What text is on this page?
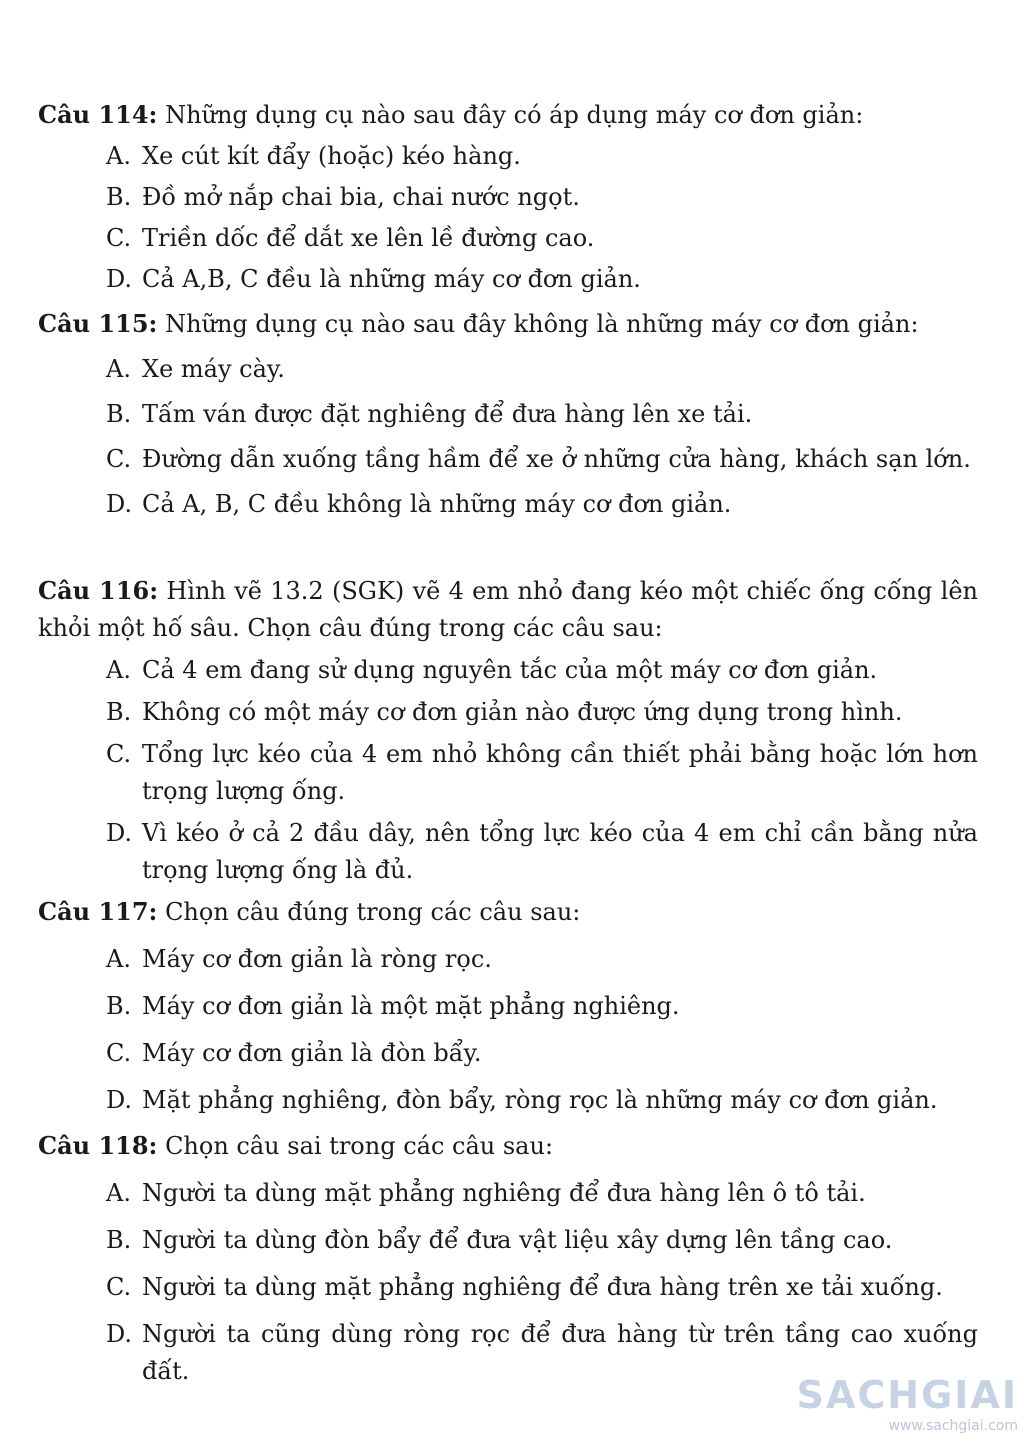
Câu 114: Những dụng cụ nào sau đây có áp dụng máy cơ đơn giản:
A. Xe cút kít đẩy (hoặc) kéo hàng.
B. Đồ mở nắp chai bia, chai nước ngọt.
C. Triền dốc để dắt xe lên lề đường cao.
D. Cả A,B, C đều là những máy cơ đơn giản.
Câu 115: Những dụng cụ nào sau đây không là những máy cơ đơn giản:
A. Xe máy cày.
B. Tấm ván được đặt nghiêng để đưa hàng lên xe tải.
C. Đường dẫn xuống tầng hầm để xe ở những cửa hàng, khách sạn lớn.
D. Cả A, B, C đều không là những máy cơ đơn giản.
Câu 116: Hình vẽ 13.2 (SGK) vẽ 4 em nhỏ đang kéo một chiếc ống cống lên khỏi một hố sâu. Chọn câu đúng trong các câu sau:
A. Cả 4 em đang sử dụng nguyên tắc của một máy cơ đơn giản.
B. Không có một máy cơ đơn giản nào được ứng dụng trong hình.
C. Tổng lực kéo của 4 em nhỏ không cần thiết phải bằng hoặc lớn hơn trọng lượng ống.
D. Vì kéo ở cả 2 đầu dây, nên tổng lực kéo của 4 em chỉ cần bằng nửa trọng lượng ống là đủ.
Câu 117: Chọn câu đúng trong các câu sau:
A. Máy cơ đơn giản là ròng rọc.
B. Máy cơ đơn giản là một mặt phẳng nghiêng.
C. Máy cơ đơn giản là đòn bẩy.
D. Mặt phẳng nghiêng, đòn bẩy, ròng rọc là những máy cơ đơn giản.
Câu 118: Chọn câu sai trong các câu sau:
A. Người ta dùng mặt phẳng nghiêng để đưa hàng lên ô tô tải.
B. Người ta dùng đòn bẩy để đưa vật liệu xây dựng lên tầng cao.
C. Người ta dùng mặt phẳng nghiêng để đưa hàng trên xe tải xuống.
D. Người ta cũng dùng ròng rọc để đưa hàng từ trên tầng cao xuống đất.
SACHGIAI
www.sachgiai.com
